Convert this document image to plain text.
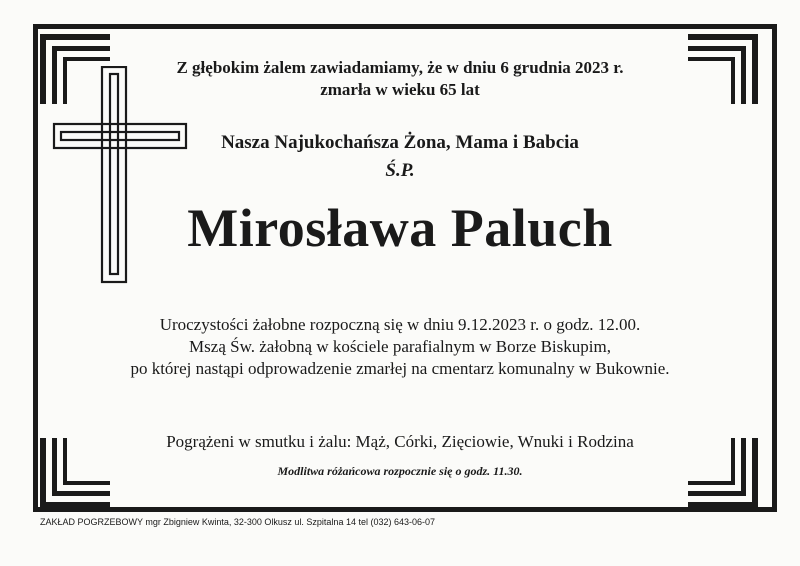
Z głębokim żalem zawiadamiamy, że w dniu 6 grudnia 2023 r.
zmarła w wieku 65 lat
Nasza Najukochańsza Żona, Mama i Babcia
Ś.P.
Mirosława Paluch
Uroczystości żałobne rozpoczną się w dniu 9.12.2023 r. o godz. 12.00.
Mszą Św. żałobną w kościele parafialnym w Borze Biskupim,
po której nastąpi odprowadzenie zmarłej na cmentarz komunalny w Bukownie.
Pogrążeni w smutku i żalu: Mąż, Córki, Zięciowie, Wnuki i Rodzina
Modlitwa różańcowa rozpocznie się o godz. 11.30.
ZAKŁAD POGRZEBOWY mgr Zbigniew Kwinta, 32-300 Olkusz ul. Szpitalna 14 tel (032) 643-06-07
